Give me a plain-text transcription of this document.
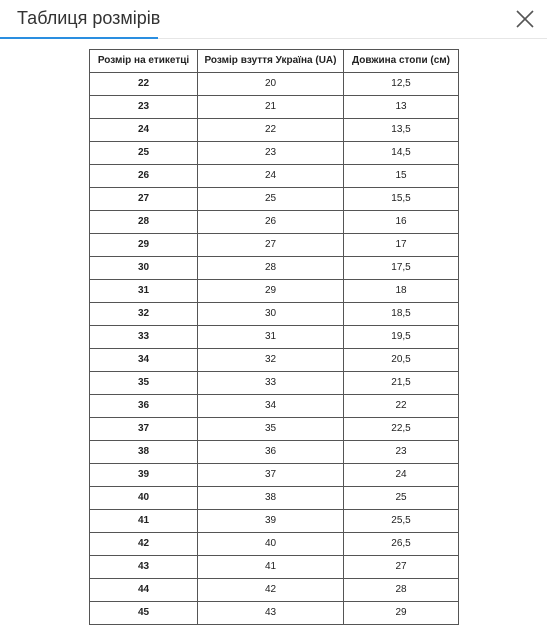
Таблиця розмірів
Розмір на етикетці	Розмір взуття Україна (UA)	Довжина стопи (см)
22	20	12,5
23	21	13
24	22	13,5
25	23	14,5
26	24	15
27	25	15,5
28	26	16
29	27	17
30	28	17,5
31	29	18
32	30	18,5
33	31	19,5
34	32	20,5
35	33	21,5
36	34	22
37	35	22,5
38	36	23
39	37	24
40	38	25
41	39	25,5
42	40	26,5
43	41	27
44	42	28
45	43	29
